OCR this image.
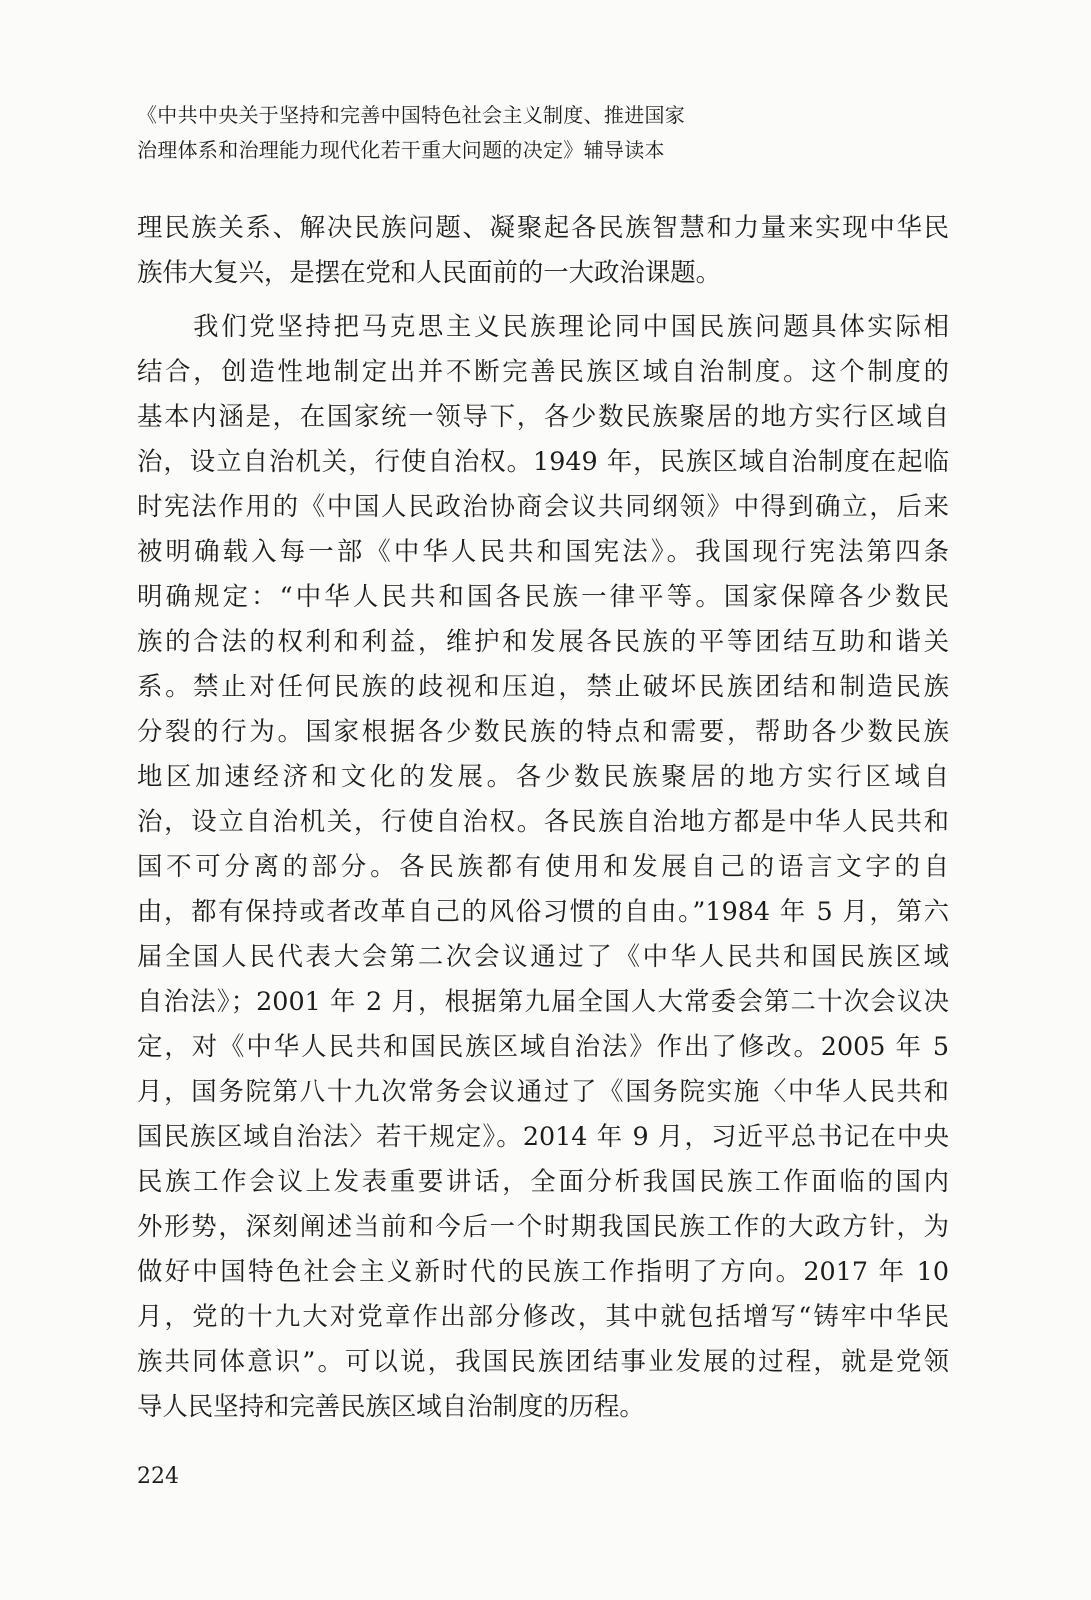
《中共中央关于坚持和完善中国特色社会主义制度、推进国家
治理体系和治理能力现代化若干重大问题的决定》辅导读本
理民族关系、解决民族问题、凝聚起各民族智慧和力量来实现中华民
族伟大复兴，是摆在党和人民面前的一大政治课题。
　　我们党坚持把马克思主义民族理论同中国民族问题具体实际相
结合，创造性地制定出并不断完善民族区域自治制度。这个制度的
基本内涵是，在国家统一领导下，各少数民族聚居的地方实行区域自
治，设立自治机关，行使自治权。1949 年，民族区域自治制度在起临
时宪法作用的《中国人民政治协商会议共同纲领》中得到确立，后来
被明确载入每一部《中华人民共和国宪法》。我国现行宪法第四条
明确规定：“中华人民共和国各民族一律平等。国家保障各少数民
族的合法的权利和利益，维护和发展各民族的平等团结互助和谐关
系。禁止对任何民族的歧视和压迫，禁止破坏民族团结和制造民族
分裂的行为。国家根据各少数民族的特点和需要，帮助各少数民族
地区加速经济和文化的发展。各少数民族聚居的地方实行区域自
治，设立自治机关，行使自治权。各民族自治地方都是中华人民共和
国不可分离的部分。各民族都有使用和发展自己的语言文字的自
由，都有保持或者改革自己的风俗习惯的自由。”1984 年 5 月，第六
届全国人民代表大会第二次会议通过了《中华人民共和国民族区域
自治法》；2001 年 2 月，根据第九届全国人大常委会第二十次会议决
定，对《中华人民共和国民族区域自治法》作出了修改。2005 年 5
月，国务院第八十九次常务会议通过了《国务院实施〈中华人民共和
国民族区域自治法〉若干规定》。2014 年 9 月，习近平总书记在中央
民族工作会议上发表重要讲话，全面分析我国民族工作面临的国内
外形势，深刻阐述当前和今后一个时期我国民族工作的大政方针，为
做好中国特色社会主义新时代的民族工作指明了方向。2017 年 10
月，党的十九大对党章作出部分修改，其中就包括增写“铸牢中华民
族共同体意识”。可以说，我国民族团结事业发展的过程，就是党领
导人民坚持和完善民族区域自治制度的历程。
224
